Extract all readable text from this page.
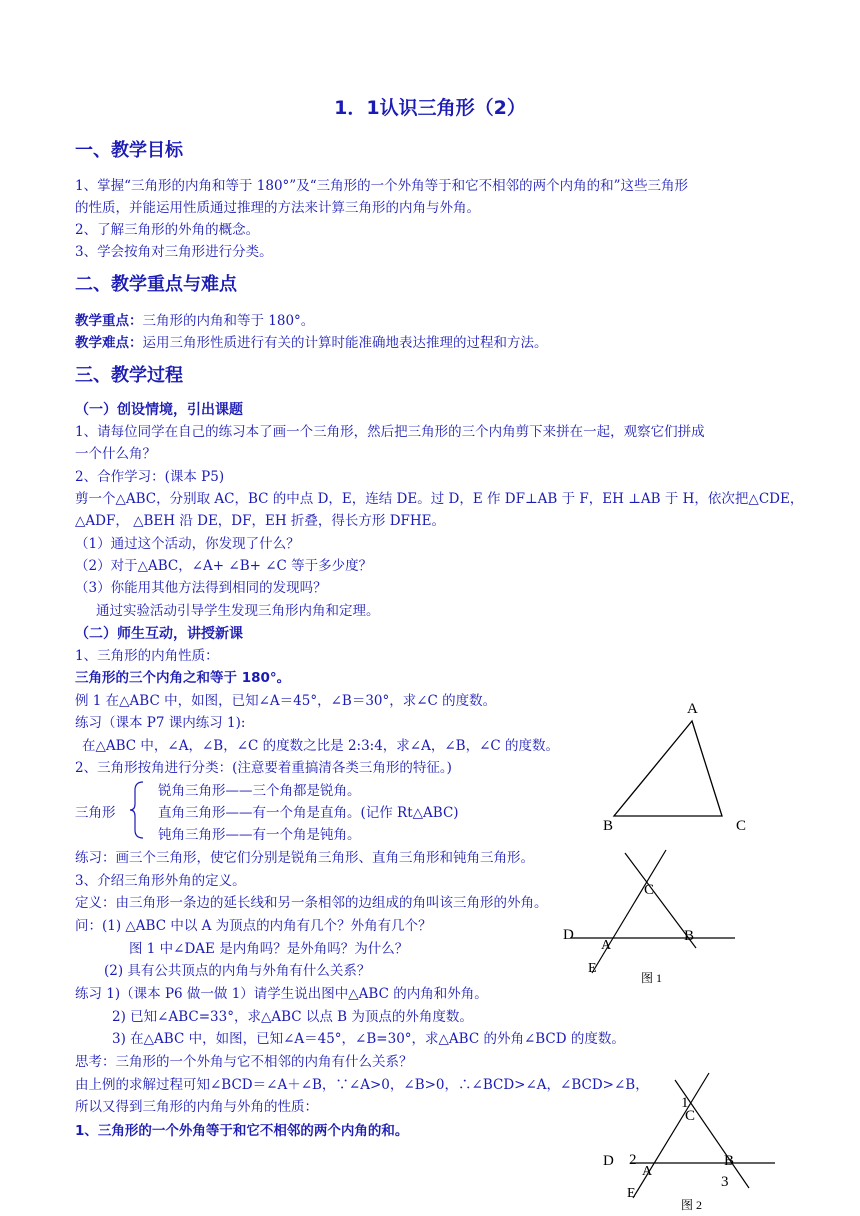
1．1认识三角形（2）
一、教学目标
1、掌握“三角形的内角和等于 180°”及“三角形的一个外角等于和它不相邻的两个内角的和”这些三角形
的性质，并能运用性质通过推理的方法来计算三角形的内角与外角。
2、了解三角形的外角的概念。
3、学会按角对三角形进行分类。
二、教学重点与难点
教学重点：三角形的内角和等于 180°。
教学难点：运用三角形性质进行有关的计算时能准确地表达推理的过程和方法。
三、教学过程
（一）创设情境，引出课题
1、请每位同学在自己的练习本了画一个三角形，然后把三角形的三个内角剪下来拼在一起，观察它们拼成
一个什么角？
2、合作学习：(课本 P5)
剪一个△ABC，分别取 AC，BC 的中点 D，E，连结 DE。过 D，E 作 DF⊥AB 于 F，EH ⊥AB 于 H，依次把△CDE，
△ADF， △BEH 沿 DE，DF，EH 折叠，得长方形 DFHE。
（1）通过这个活动，你发现了什么？
（2）对于△ABC，∠A+ ∠B+ ∠C 等于多少度？
（3）你能用其他方法得到相同的发现吗？
通过实验活动引导学生发现三角形内角和定理。
（二）师生互动，讲授新课
1、三角形的内角性质：
三角形的三个内角之和等于 180°。
例 1 在△ABC 中，如图，已知∠A＝45°，∠B＝30°，求∠C 的度数。
练习（课本 P7 课内练习 1):
在△ABC 中，∠A，∠B，∠C 的度数之比是 2:3:4，求∠A，∠B，∠C 的度数。
2、三角形按角进行分类：(注意要着重搞清各类三角形的特征。)
三角形
锐角三角形——三个角都是锐角。
直角三角形——有一个角是直角。(记作 Rt△ABC)
钝角三角形——有一个角是钝角。
练习：画三个三角形，使它们分别是锐角三角形、直角三角形和钝角三角形。
3、介绍三角形外角的定义。
定义：由三角形一条边的延长线和另一条相邻的边组成的角叫该三角形的外角。
问：(1) △ABC 中以 A 为顶点的内角有几个？外角有几个？
图 1 中∠DAE 是内角吗？是外角吗？为什么？
(2) 具有公共顶点的内角与外角有什么关系？
练习 1)（课本 P6 做一做 1）请学生说出图中△ABC 的内角和外角。
2) 已知∠ABC=33°，求△ABC 以点 B 为顶点的外角度数。
3) 在△ABC 中，如图，已知∠A＝45°，∠B=30°，求△ABC 的外角∠BCD 的度数。
思考：三角形的一个外角与它不相邻的内角有什么关系？
由上例的求解过程可知∠BCD＝∠A＋∠B，∵∠A>0，∠B>0，∴∠BCD>∠A，∠BCD>∠B，
所以又得到三角形的内角与外角的性质：
1、三角形的一个外角等于和它不相邻的两个内角的和。
A
B	C
C
D
A
B
E
图 1
1
C
D 2
A
B
E
3
图 2
